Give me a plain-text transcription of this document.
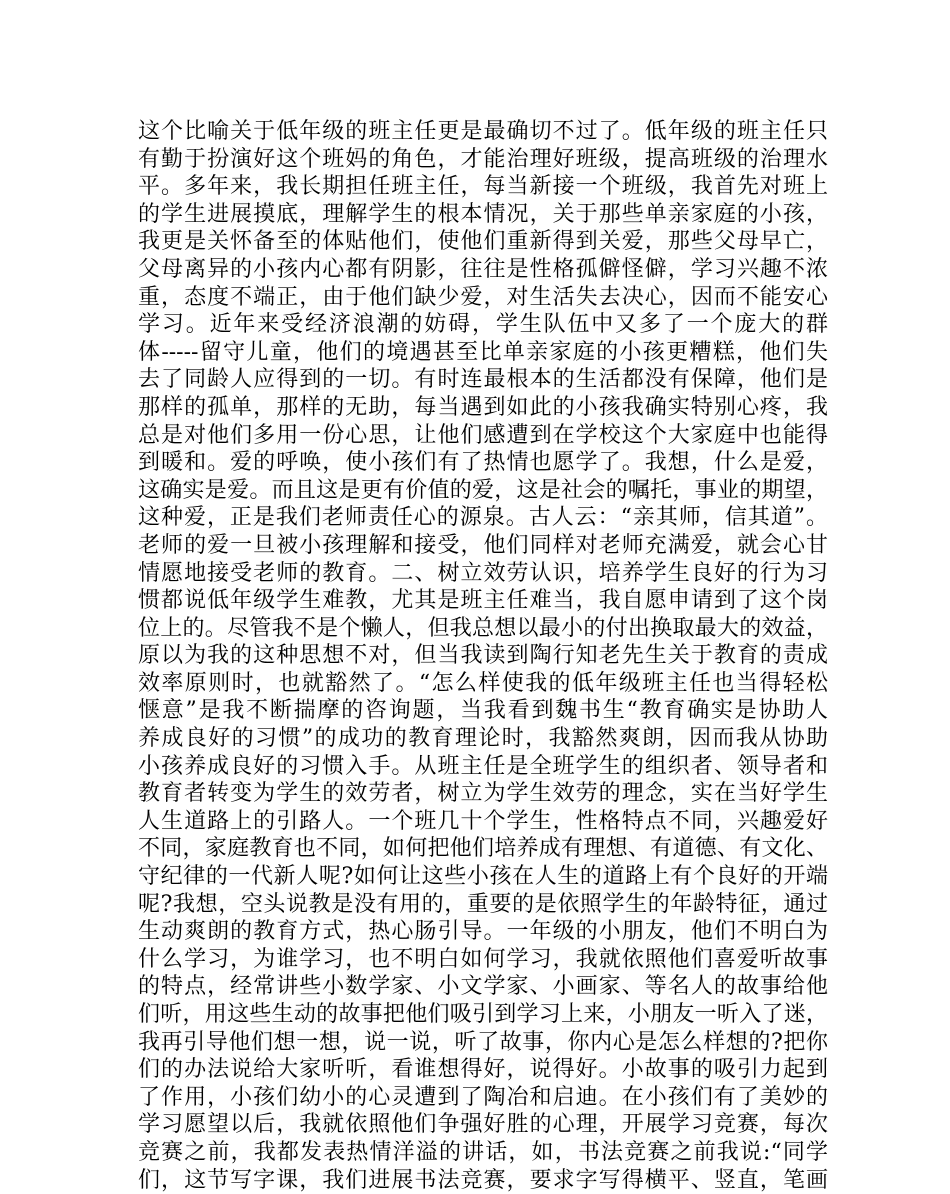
这个比喻关于低年级的班主任更是最确切不过了。低年级的班主任只
有勤于扮演好这个班妈的角色，才能治理好班级，提高班级的治理水
平。多年来，我长期担任班主任，每当新接一个班级，我首先对班上
的学生进展摸底，理解学生的根本情况，关于那些单亲家庭的小孩，
我更是关怀备至的体贴他们，使他们重新得到关爱，那些父母早亡，
父母离异的小孩内心都有阴影，往往是性格孤僻怪僻，学习兴趣不浓
重，态度不端正，由于他们缺少爱，对生活失去决心，因而不能安心
学习。近年来受经济浪潮的妨碍，学生队伍中又多了一个庞大的群
体-----留守儿童，他们的境遇甚至比单亲家庭的小孩更糟糕，他们失
去了同龄人应得到的一切。有时连最根本的生活都没有保障，他们是
那样的孤单，那样的无助，每当遇到如此的小孩我确实特别心疼，我
总是对他们多用一份心思，让他们感遭到在学校这个大家庭中也能得
到暖和。爱的呼唤，使小孩们有了热情也愿学了。我想，什么是爱，
这确实是爱。而且这是更有价值的爱，这是社会的嘱托，事业的期望，
这种爱，正是我们老师责任心的源泉。古人云：“亲其师，信其道”。
老师的爱一旦被小孩理解和接受，他们同样对老师充满爱，就会心甘
情愿地接受老师的教育。二、树立效劳认识，培养学生良好的行为习
惯都说低年级学生难教，尤其是班主任难当，我自愿申请到了这个岗
位上的。尽管我不是个懒人，但我总想以最小的付出换取最大的效益，
原以为我的这种思想不对，但当我读到陶行知老先生关于教育的责成
效率原则时，也就豁然了。“怎么样使我的低年级班主任也当得轻松
惬意”是我不断揣摩的咨询题，当我看到魏书生“教育确实是协助人
养成良好的习惯”的成功的教育理论时，我豁然爽朗，因而我从协助
小孩养成良好的习惯入手。从班主任是全班学生的组织者、领导者和
教育者转变为学生的效劳者，树立为学生效劳的理念，实在当好学生
人生道路上的引路人。一个班几十个学生，性格特点不同，兴趣爱好
不同，家庭教育也不同，如何把他们培养成有理想、有道德、有文化、
守纪律的一代新人呢?如何让这些小孩在人生的道路上有个良好的开端
呢?我想，空头说教是没有用的，重要的是依照学生的年龄特征，通过
生动爽朗的教育方式，热心肠引导。一年级的小朋友，他们不明白为
什么学习，为谁学习，也不明白如何学习，我就依照他们喜爱听故事
的特点，经常讲些小数学家、小文学家、小画家、等名人的故事给他
们听，用这些生动的故事把他们吸引到学习上来，小朋友一听入了迷，
我再引导他们想一想，说一说，听了故事，你内心是怎么样想的?把你
们的办法说给大家听听，看谁想得好，说得好。小故事的吸引力起到
了作用，小孩们幼小的心灵遭到了陶冶和启迪。在小孩们有了美妙的
学习愿望以后，我就依照他们争强好胜的心理，开展学习竞赛，每次
竞赛之前，我都发表热情洋溢的讲话，如，书法竞赛之前我说:“同学
们，这节写字课，我们进展书法竞赛，要求字写得横平、竖直，笔画
